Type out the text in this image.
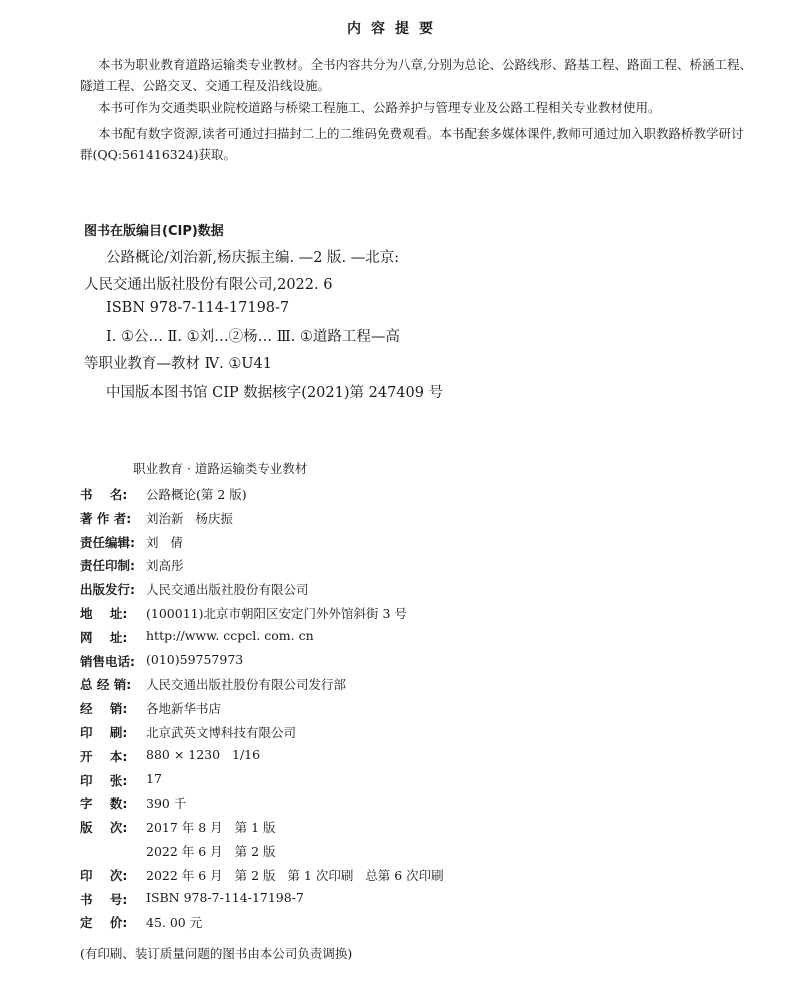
内容提要
本书为职业教育道路运输类专业教材。全书内容共分为八章,分别为总论、公路线形、路基工程、路面工程、桥涵工程、隧道工程、公路交叉、交通工程及沿线设施。
本书可作为交通类职业院校道路与桥梁工程施工、公路养护与管理专业及公路工程相关专业教材使用。
本书配有数字资源,读者可通过扫描封二上的二维码免费观看。本书配套多媒体课件,教师可通过加入职教路桥教学研讨群(QQ:561416324)获取。
图书在版编目(CIP)数据
公路概论/刘治新,杨庆振主编. —2 版. —北京:
人民交通出版社股份有限公司,2022. 6
ISBN 978-7-114-17198-7
Ⅰ. ①公… Ⅱ. ①刘…②杨… Ⅲ. ①道路工程—高
等职业教育—教材 Ⅳ. ①U41
中国版本图书馆 CIP 数据核字(2021)第 247409 号
职业教育 · 道路运输类专业教材
书    名:	公路概论(第 2 版)
著 作 者:	刘治新   杨庆振
责任编辑: 刘   倩
责任印制: 刘高彤
出版发行: 人民交通出版社股份有限公司
地    址:	(100011)北京市朝阳区安定门外外馆斜街 3 号
网    址:	http://www. ccpcl. com. cn
销售电话: (010)59757973
总 经 销:	人民交通出版社股份有限公司发行部
经    销:	各地新华书店
印    刷:	北京武英文博科技有限公司
开    本:	880 × 1230   1/16
印    张:	17
字    数:	390 千
版    次:	2017 年 8 月   第 1 版
2022 年 6 月   第 2 版
印    次:	2022 年 6 月   第 2 版   第 1 次印刷   总第 6 次印刷
书    号:	ISBN 978-7-114-17198-7
定    价:	45. 00 元
(有印刷、装订质量问题的图书由本公司负责调换)
